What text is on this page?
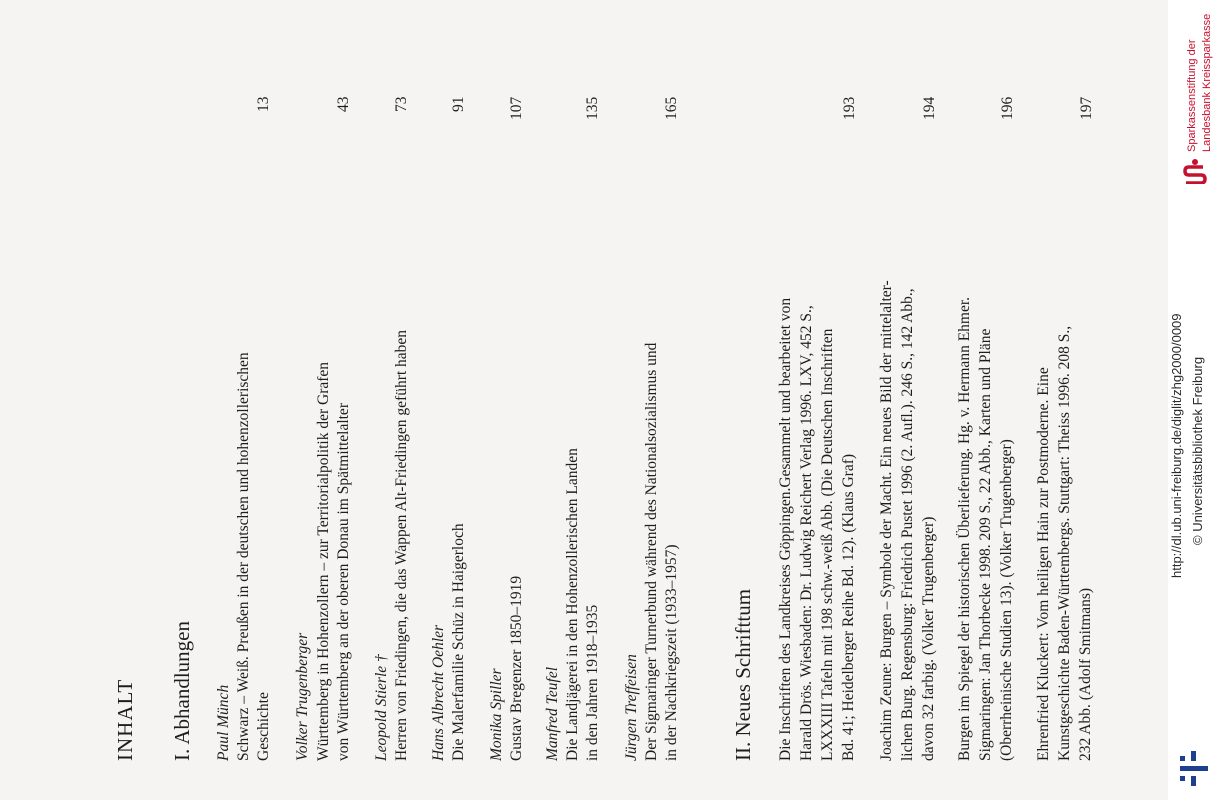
INHALT I. Abhandlungen Paul Münch Schwarz – Weiß. Preußen in der deutschen und hohenzollerischen Geschichte
13
Volker Trugenberger Württemberg in Hohenzollern – zur Territorialpolitik der Grafen von Württemberg an der oberen Donau im Spätmittelalter
43
Leopold Stierle † Herren von Friedingen, die das Wappen Alt-Friedingen geführt haben
73
Hans Albrecht Oehler Die Malerfamilie Schüz in Haigerloch
91
Monika Spiller Gustav Bregenzer 1850–1919
107
Manfred Teufel Die Landjägerei in den Hohenzollerischen Landen in den Jahren 1918–1935
135
Jürgen Treffeisen Der Sigmaringer Turnerbund während des Nationalsozialismus und in der Nachkriegszeit (1933–1957)
165
II. Neues Schrifttum Die Inschriften des Landkreises Göppingen.Gesammelt und bearbeitet von Harald Drös. Wiesbaden: Dr. Ludwig Reichert Verlag 1996. LXV, 452 S., LXXXIII Tafeln mit 198 schw.-weiß Abb. (Die Deutschen Inschriften Bd. 41; Heidelberger Reihe Bd. 12). (Klaus Graf)
193
Joachim Zeune: Burgen – Symbole der Macht. Ein neues Bild der mittelalter- lichen Burg. Regensburg: Friedrich Pustet 1996 (2. Aufl.). 246 S., 142 Abb., davon 32 farbig. (Volker Trugenberger)
194
Burgen im Spiegel der historischen Überlieferung. Hg. v. Hermann Ehmer. Sigmaringen: Jan Thorbecke 1998. 209 S., 22 Abb., Karten und Pläne (Oberrheinische Studien 13). (Volker Trugenberger)
196
Ehrenfried Kluckert: Vom heiligen Hain zur Postmoderne. Eine Kunstgeschichte Baden-Württembergs. Stuttgart: Theiss 1996. 208 S., 232 Abb. (Adolf Smitmans)
197
http://dl.ub.uni-freiburg.de/diglit/zhg2000/0009 © Universitätsbibliothek Freiburg
Sparkassenstiftung der Landesbank Kreissparkasse
